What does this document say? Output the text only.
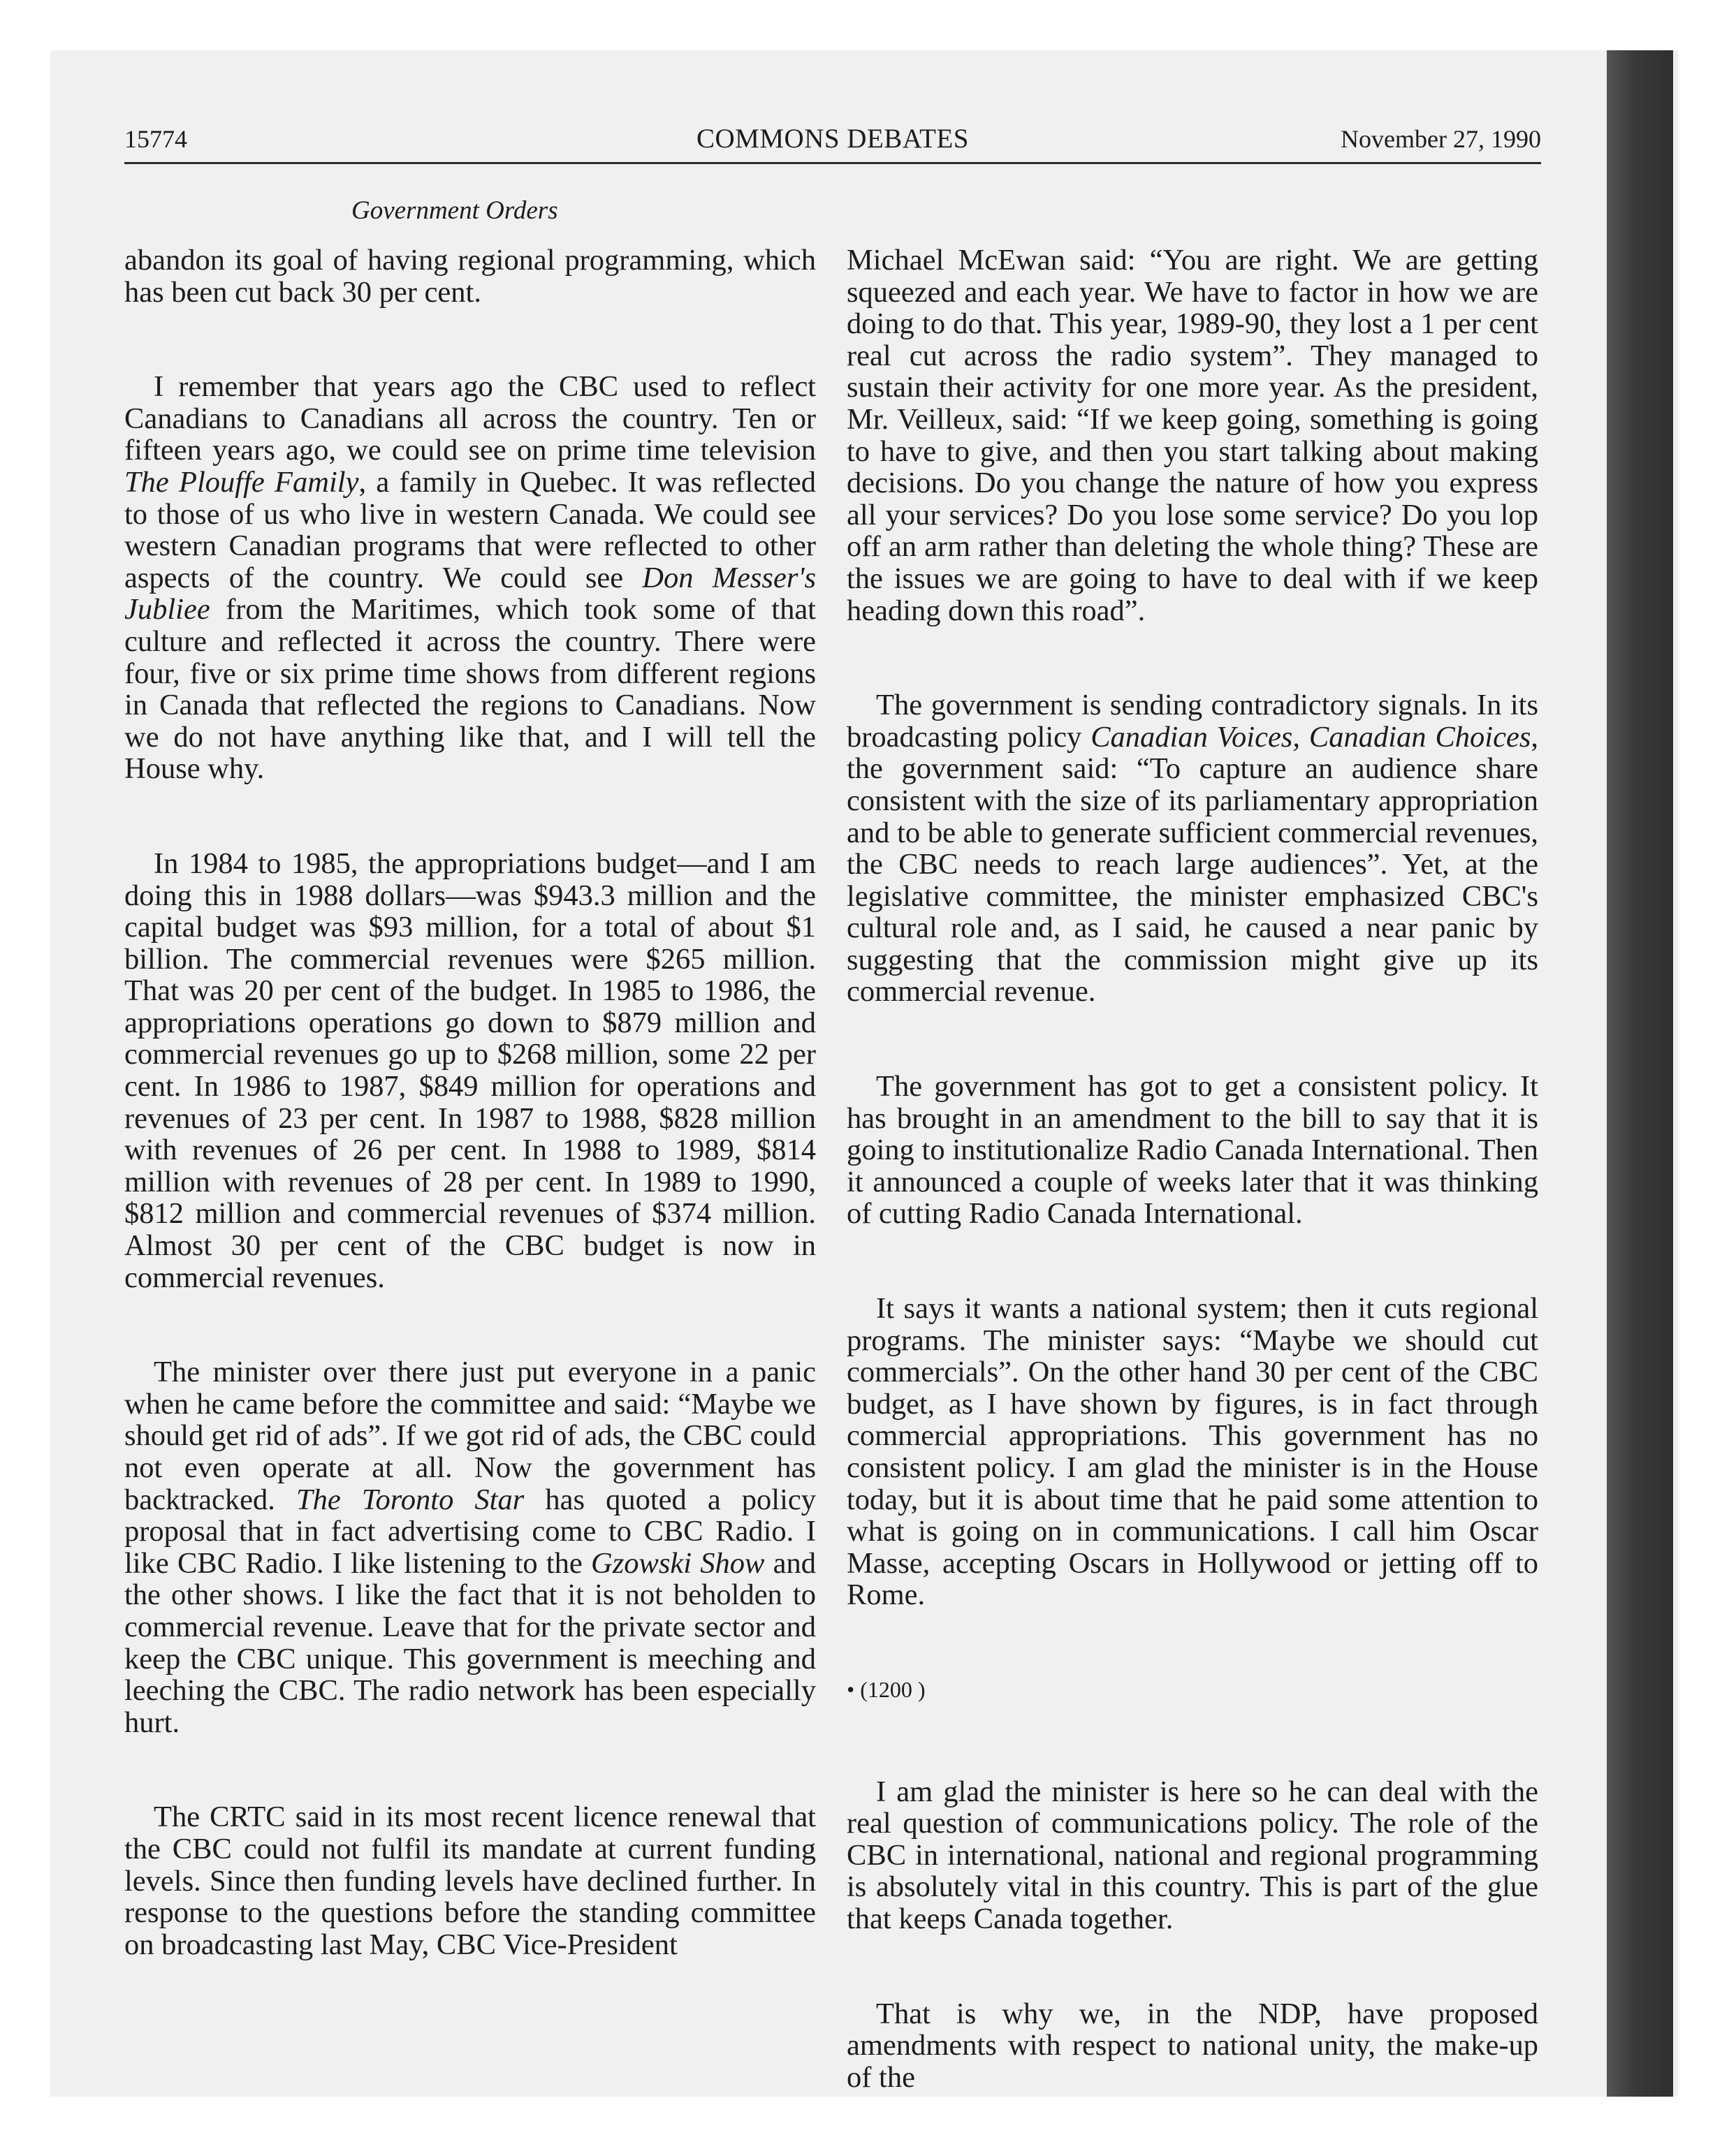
15774	COMMONS DEBATES	November 27, 1990
Government Orders

abandon its goal of having regional programming, which has been cut back 30 per cent.

I remember that years ago the CBC used to reflect Canadians to Canadians all across the country. Ten or fifteen years ago, we could see on prime time television The Plouffe Family, a family in Quebec. It was reflected to those of us who live in western Canada. We could see western Canadian programs that were reflected to other aspects of the country. We could see Don Messer's Jubliee from the Maritimes, which took some of that culture and reflected it across the country. There were four, five or six prime time shows from different regions in Canada that reflected the regions to Canadians. Now we do not have anything like that, and I will tell the House why.

In 1984 to 1985, the appropriations budget—and I am doing this in 1988 dollars—was $943.3 million and the capital budget was $93 million, for a total of about $1 billion. The commercial revenues were $265 million. That was 20 per cent of the budget. In 1985 to 1986, the appropriations operations go down to $879 million and commercial revenues go up to $268 million, some 22 per cent. In 1986 to 1987, $849 million for operations and revenues of 23 per cent. In 1987 to 1988, $828 million with revenues of 26 per cent. In 1988 to 1989, $814 million with revenues of 28 per cent. In 1989 to 1990, $812 million and commercial revenues of $374 million. Almost 30 per cent of the CBC budget is now in commercial revenues.

The minister over there just put everyone in a panic when he came before the committee and said: “Maybe we should get rid of ads”. If we got rid of ads, the CBC could not even operate at all. Now the government has backtracked. The Toronto Star has quoted a policy proposal that in fact advertising come to CBC Radio. I like CBC Radio. I like listening to the Gzowski Show and the other shows. I like the fact that it is not beholden to commercial revenue. Leave that for the private sector and keep the CBC unique. This government is meeching and leeching the CBC. The radio network has been especially hurt.

The CRTC said in its most recent licence renewal that the CBC could not fulfil its mandate at current funding levels. Since then funding levels have declined further. In response to the questions before the standing committee on broadcasting last May, CBC Vice-President

Michael McEwan said: “You are right. We are getting squeezed and each year. We have to factor in how we are doing to do that. This year, 1989-90, they lost a 1 per cent real cut across the radio system”. They managed to sustain their activity for one more year. As the president, Mr. Veilleux, said: “If we keep going, something is going to have to give, and then you start talking about making decisions. Do you change the nature of how you express all your services? Do you lose some service? Do you lop off an arm rather than deleting the whole thing? These are the issues we are going to have to deal with if we keep heading down this road”.

The government is sending contradictory signals. In its broadcasting policy Canadian Voices, Canadian Choices, the government said: “To capture an audience share consistent with the size of its parliamentary appropriation and to be able to generate sufficient commercial revenues, the CBC needs to reach large audiences”. Yet, at the legislative committee, the minister emphasized CBC's cultural role and, as I said, he caused a near panic by suggesting that the commission might give up its commercial revenue.

The government has got to get a consistent policy. It has brought in an amendment to the bill to say that it is going to institutionalize Radio Canada International. Then it announced a couple of weeks later that it was thinking of cutting Radio Canada International.

It says it wants a national system; then it cuts regional programs. The minister says: “Maybe we should cut commercials”. On the other hand 30 per cent of the CBC budget, as I have shown by figures, is in fact through commercial appropriations. This government has no consistent policy. I am glad the minister is in the House today, but it is about time that he paid some attention to what is going on in communications. I call him Oscar Masse, accepting Oscars in Hollywood or jetting off to Rome.

• (1200 )

I am glad the minister is here so he can deal with the real question of communications policy. The role of the CBC in international, national and regional programming is absolutely vital in this country. This is part of the glue that keeps Canada together.

That is why we, in the NDP, have proposed amendments with respect to national unity, the make-up of the
